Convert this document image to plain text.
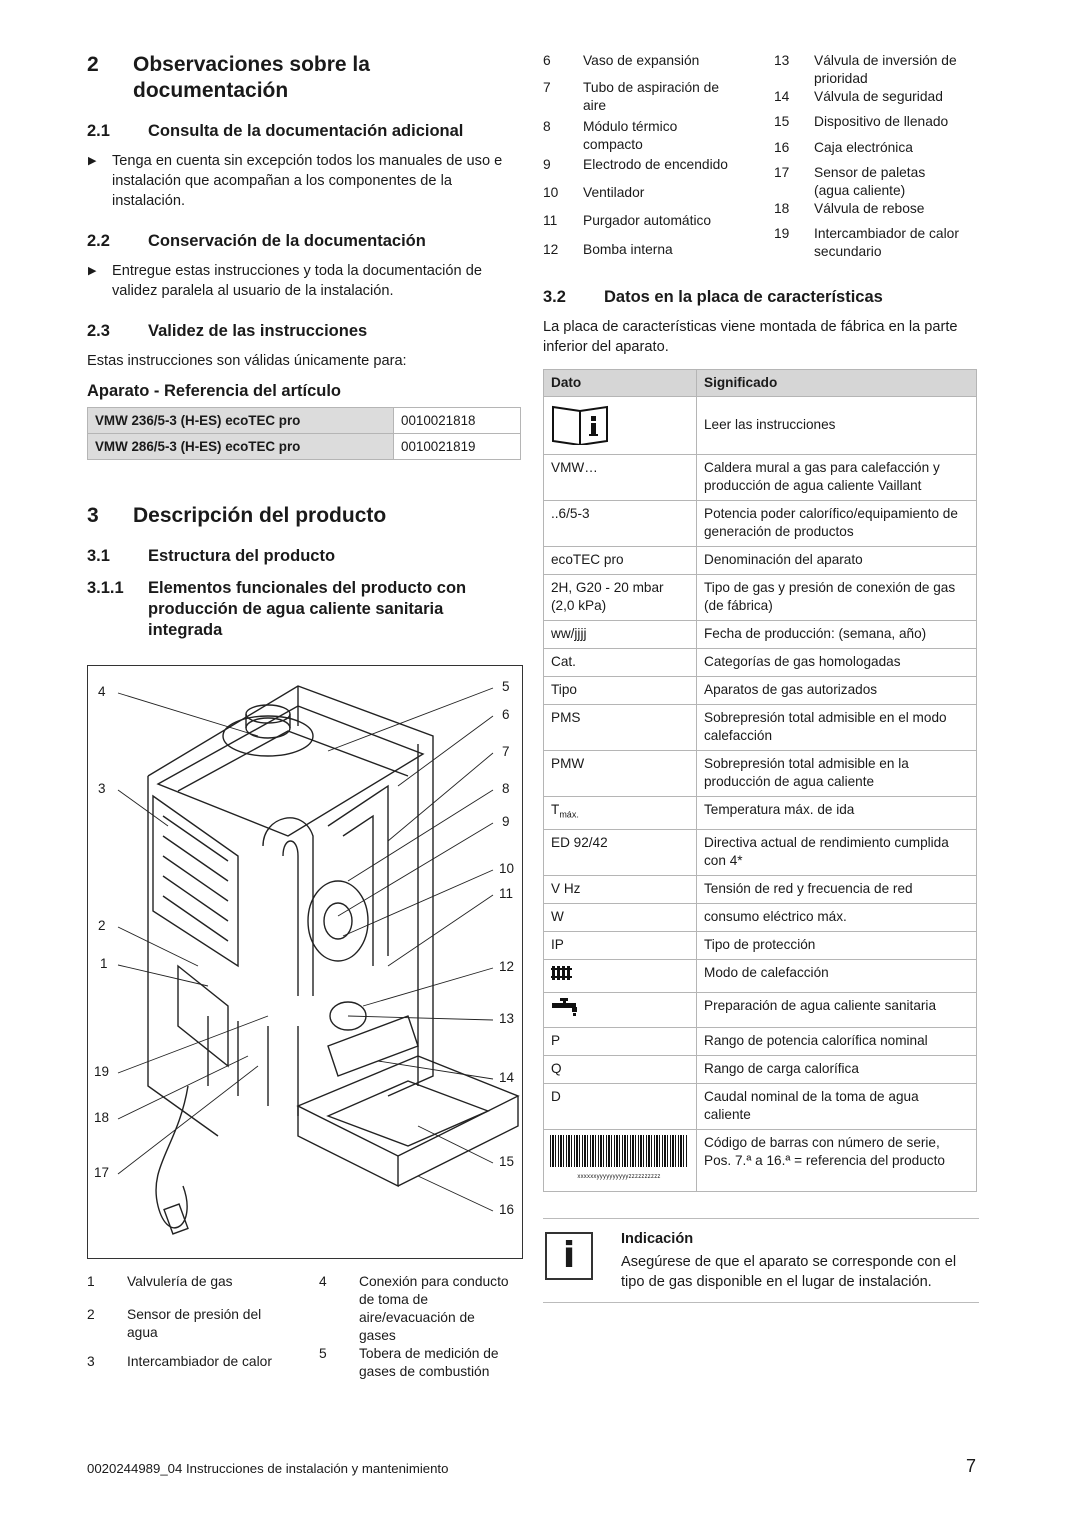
2	Observaciones sobre la documentación
2.1	Consulta de la documentación adicional
▶	Tenga en cuenta sin excepción todos los manuales de uso e instalación que acompañan a los componentes de la instalación.
2.2	Conservación de la documentación
▶	Entregue estas instrucciones y toda la documentación de validez paralela al usuario de la instalación.
2.3	Validez de las instrucciones
Estas instrucciones son válidas únicamente para:
Aparato - Referencia del artículo
VMW 236/5-3 (H-ES) ecoTEC pro	0010021818
VMW 286/5-3 (H-ES) ecoTEC pro	0010021819
3	Descripción del producto
3.1	Estructura del producto
3.1.1	Elementos funcionales del producto con producción de agua caliente sanitaria integrada
4	5
6
7
3	8
9
10
11
2
1	12
13
19	14
18
15
17
16
1	Valvulería de gas
2	Sensor de presión del agua
3	Intercambiador de calor
4	Conexión para conducto de toma de aire/evacuación de gases
5	Tobera de medición de gases de combustión
6	Vaso de expansión
7	Tubo de aspiración de aire
8	Módulo térmico compacto
9	Electrodo de encendido
10	Ventilador
11	Purgador automático
12	Bomba interna
13	Válvula de inversión de prioridad
14	Válvula de seguridad
15	Dispositivo de llenado
16	Caja electrónica
17	Sensor de paletas (agua caliente)
18	Válvula de rebose
19	Intercambiador de calor secundario
3.2	Datos en la placa de características
La placa de características viene montada de fábrica en la parte inferior del aparato.
Dato	Significado
	Leer las instrucciones
VMW…	Caldera mural a gas para calefacción y producción de agua caliente Vaillant
..6/5-3	Potencia poder calorífico/equipamiento de generación de productos
ecoTEC pro	Denominación del aparato
2H, G20 - 20 mbar (2,0 kPa)	Tipo de gas y presión de conexión de gas (de fábrica)
ww/jjjj	Fecha de producción: (semana, año)
Cat.	Categorías de gas homologadas
Tipo	Aparatos de gas autorizados
PMS	Sobrepresión total admisible en el modo calefacción
PMW	Sobrepresión total admisible en la producción de agua caliente
$T_{máx.}$	Temperatura máx. de ida
ED 92/42	Directiva actual de rendimiento cumplida con 4*
V Hz	Tensión de red y frecuencia de red
W	consumo eléctrico máx.
IP	Tipo de protección
	Modo de calefacción
	Preparación de agua caliente sanitaria
P	Rango de potencia calorífica nominal
Q	Rango de carga calorífica
D	Caudal nominal de la toma de agua caliente

xxxxxxyyyyyyyyyyzzzzzzzzzz	Código de barras con número de serie, Pos. 7.ª a 16.ª = referencia del producto
i	Indicación
Asegúrese de que el aparato se corresponde con el tipo de gas disponible en el lugar de instalación.
0020244989_04 Instrucciones de instalación y mantenimiento	7
